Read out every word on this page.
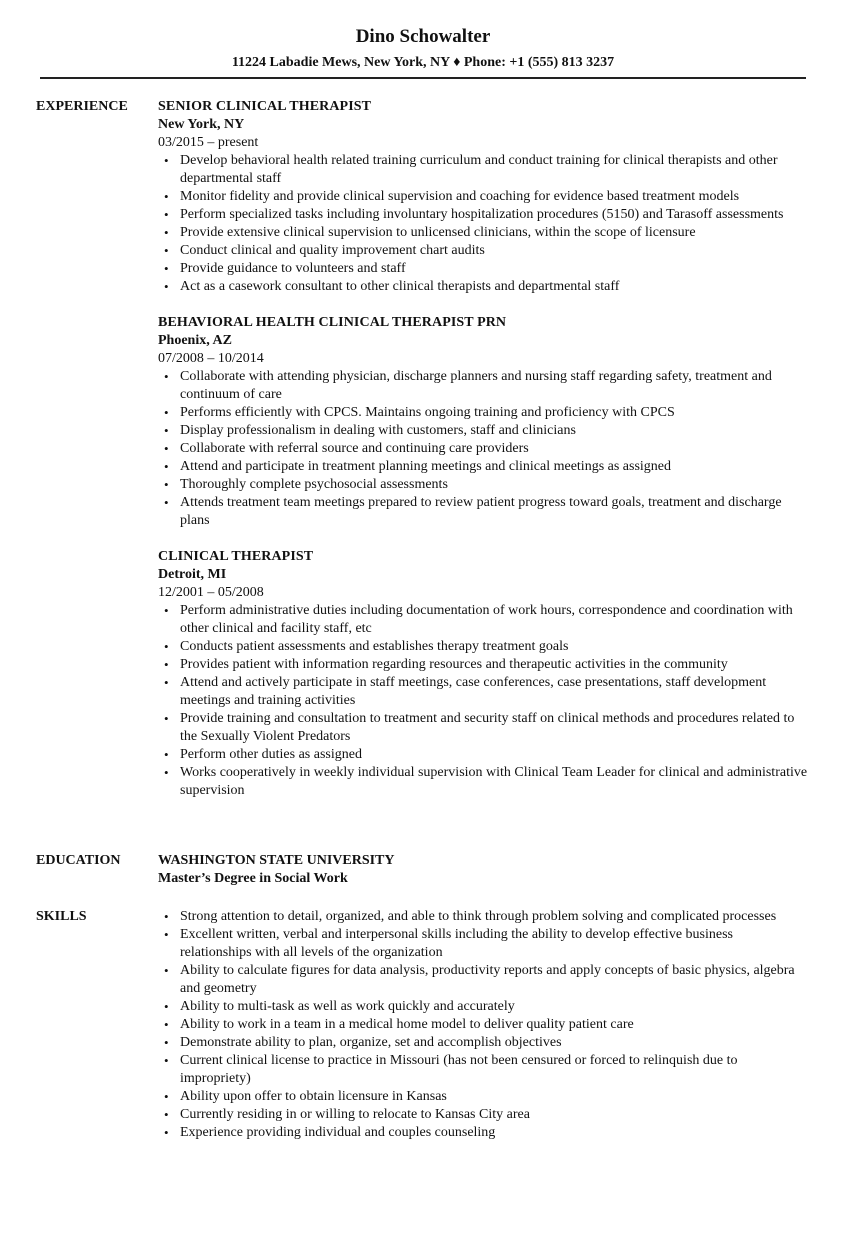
Dino Schowalter
11224 Labadie Mews, New York, NY ♦ Phone: +1 (555) 813 3237
EXPERIENCE SENIOR CLINICAL THERAPIST
New York, NY
03/2015 – present
• Develop behavioral health related training curriculum and conduct training for clinical therapists and other departmental staff
• Monitor fidelity and provide clinical supervision and coaching for evidence based treatment models
• Perform specialized tasks including involuntary hospitalization procedures (5150) and Tarasoff assessments
• Provide extensive clinical supervision to unlicensed clinicians, within the scope of licensure
• Conduct clinical and quality improvement chart audits
• Provide guidance to volunteers and staff
• Act as a casework consultant to other clinical therapists and departmental staff
BEHAVIORAL HEALTH CLINICAL THERAPIST PRN
Phoenix, AZ
07/2008 – 10/2014
• Collaborate with attending physician, discharge planners and nursing staff regarding safety, treatment and continuum of care
• Performs efficiently with CPCS. Maintains ongoing training and proficiency with CPCS
• Display professionalism in dealing with customers, staff and clinicians
• Collaborate with referral source and continuing care providers
• Attend and participate in treatment planning meetings and clinical meetings as assigned
• Thoroughly complete psychosocial assessments
• Attends treatment team meetings prepared to review patient progress toward goals, treatment and discharge plans
CLINICAL THERAPIST
Detroit, MI
12/2001 – 05/2008
• Perform administrative duties including documentation of work hours, correspondence and coordination with other clinical and facility staff, etc
• Conducts patient assessments and establishes therapy treatment goals
• Provides patient with information regarding resources and therapeutic activities in the community
• Attend and actively participate in staff meetings, case conferences, case presentations, staff development meetings and training activities
• Provide training and consultation to treatment and security staff on clinical methods and procedures related to the Sexually Violent Predators
• Perform other duties as assigned
• Works cooperatively in weekly individual supervision with Clinical Team Leader for clinical and administrative supervision
EDUCATION	WASHINGTON STATE UNIVERSITY
Master’s Degree in Social Work
SKILLS
•	Strong attention to detail, organized, and able to think through problem solving and complicated processes
• Excellent written, verbal and interpersonal skills including the ability to develop effective business relationships with all levels of the organization
• Ability to calculate figures for data analysis, productivity reports and apply concepts of basic physics, algebra and geometry
• Ability to multi-task as well as work quickly and accurately
• Ability to work in a team in a medical home model to deliver quality patient care
• Demonstrate ability to plan, organize, set and accomplish objectives
• Current clinical license to practice in Missouri (has not been censured or forced to relinquish due to impropriety)
• Ability upon offer to obtain licensure in Kansas
• Currently residing in or willing to relocate to Kansas City area
• Experience providing individual and couples counseling
